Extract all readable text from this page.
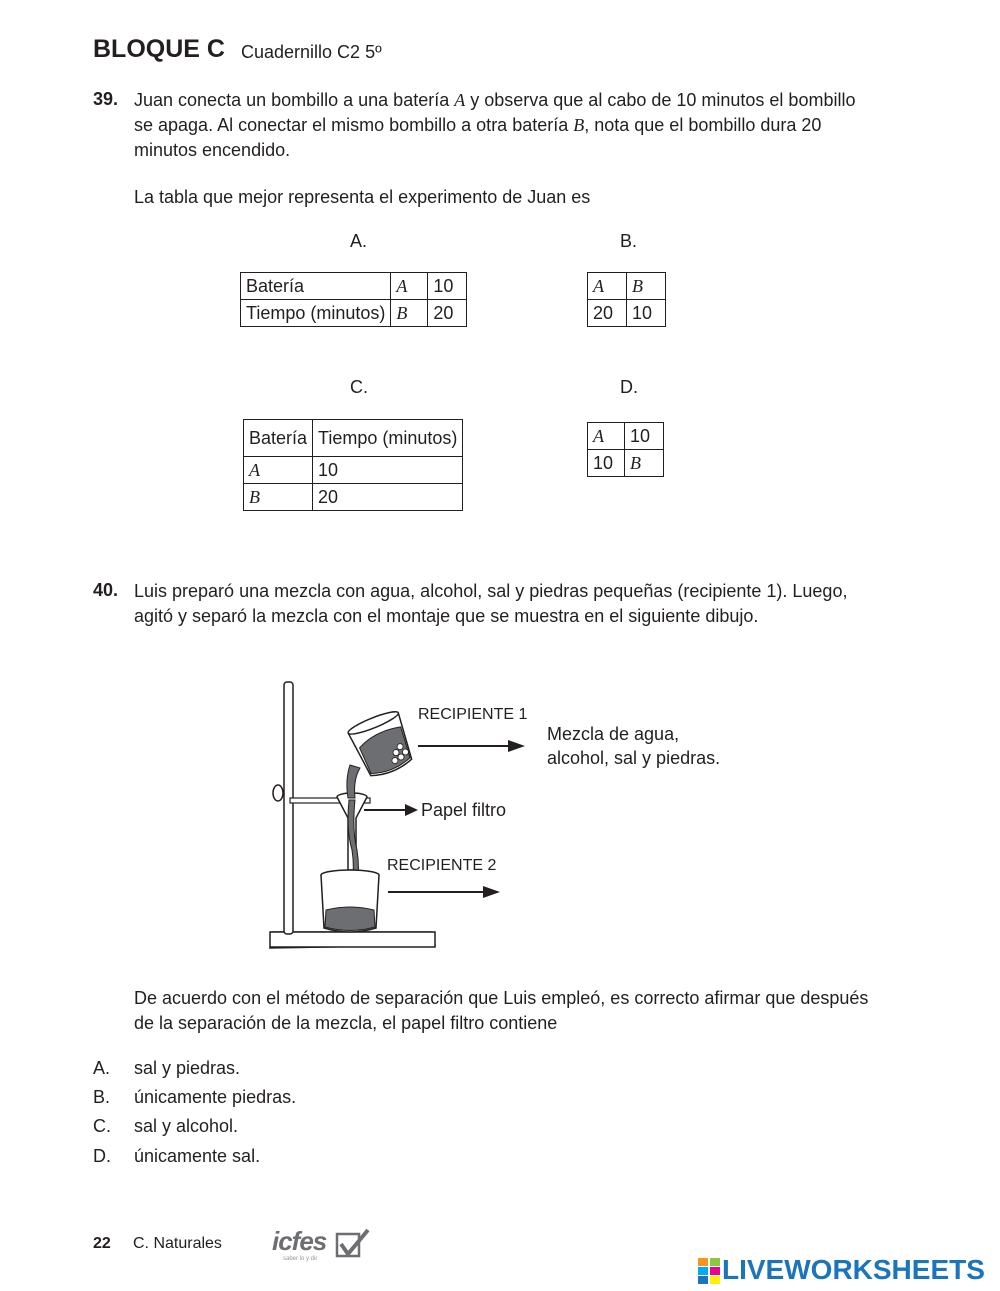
BLOQUE C Cuadernillo C2 5º
39. Juan conecta un bombillo a una batería A y observa que al cabo de 10 minutos el bombillo
se apaga. Al conectar el mismo bombillo a otra batería B, nota que el bombillo dura 20
minutos encendido.
La tabla que mejor representa el experimento de Juan es
A.	B.
C.	D.
Batería	A	10
Tiempo (minutos)	B	20
A	B
20	10
Batería	Tiempo (minutos)
A	10
B	20
A	10
10	B
40. Luis preparó una mezcla con agua, alcohol, sal y piedras pequeñas (recipiente 1). Luego,
agitó y separó la mezcla con el montaje que se muestra en el siguiente dibujo.
RECIPIENTE 1
Mezcla de agua,
alcohol, sal y piedras.
Papel filtro
RECIPIENTE 2
De acuerdo con el método de separación que Luis empleó, es correcto afirmar que después
de la separación de la mezcla, el papel filtro contiene
A. sal y piedras.
B. únicamente piedras.
C. sal y alcohol.
D. únicamente sal.
22 C. Naturales icfes
saber lo y dir	LIVEWORKSHEETS
